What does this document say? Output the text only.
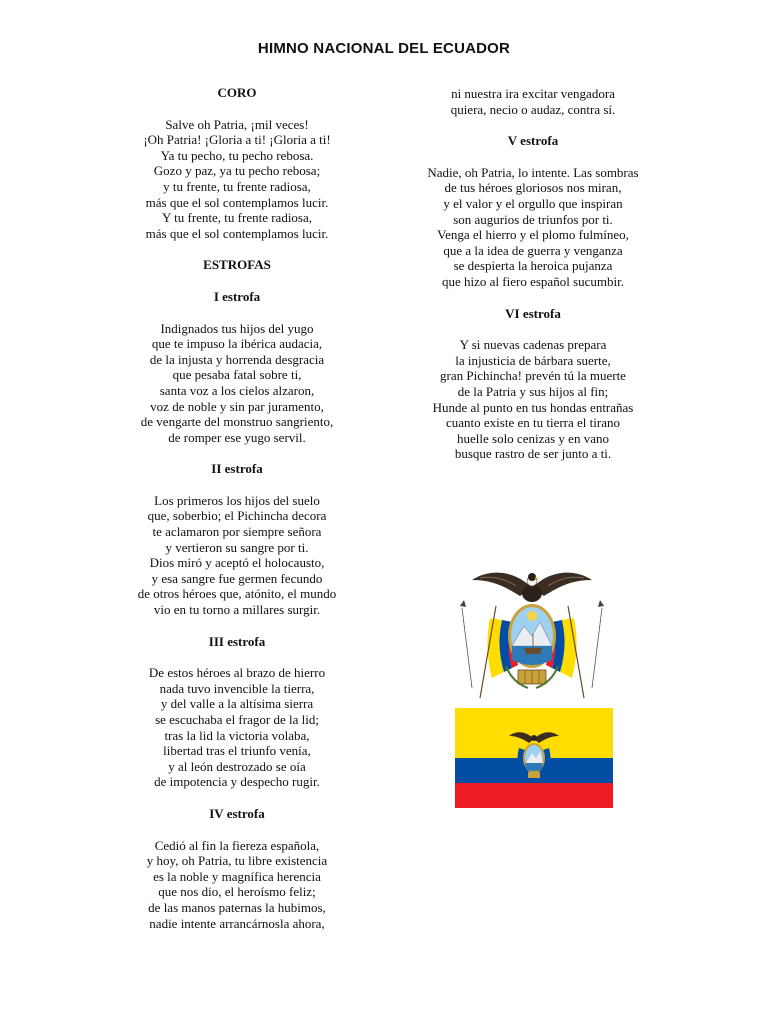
HIMNO NACIONAL DEL ECUADOR
CORO
Salve oh Patria, ¡mil veces!
¡Oh Patria! ¡Gloria a ti! ¡Gloria a ti!
Ya tu pecho, tu pecho rebosa.
Gozo y paz, ya tu pecho rebosa;
y tu frente, tu frente radiosa,
más que el sol contemplamos lucir.
Y tu frente, tu frente radiosa,
más que el sol contemplamos lucir.
ESTROFAS
I estrofa
Indignados tus hijos del yugo
que te impuso la ibérica audacia,
de la injusta y horrenda desgracia
que pesaba fatal sobre ti,
santa voz a los cielos alzaron,
voz de noble y sin par juramento,
de vengarte del monstruo sangriento,
de romper ese yugo servil.
II estrofa
Los primeros los hijos del suelo
que, soberbio; el Pichincha decora
te aclamaron por siempre señora
y vertieron su sangre por ti.
Dios miró y aceptó el holocausto,
y esa sangre fue germen fecundo
de otros héroes que, atónito, el mundo
vio en tu torno a millares surgir.
III estrofa
De estos héroes al brazo de hierro
nada tuvo invencible la tierra,
y del valle a la altísima sierra
se escuchaba el fragor de la lid;
tras la lid la victoria volaba,
libertad tras el triunfo venía,
y al león destrozado se oía
de impotencia y despecho rugir.
IV estrofa
Cedió al fin la fiereza española,
y hoy, oh Patria, tu libre existencia
es la noble y magnífica herencia
que nos dio, el heroísmo feliz;
de las manos paternas la hubimos,
nadie intente arrancárnosla ahora,
ni nuestra ira excitar vengadora
quiera, necio o audaz, contra sí.
V estrofa
Nadie, oh Patria, lo intente. Las sombras
de tus héroes gloriosos nos miran,
y el valor y el orgullo que inspiran
son augurios de triunfos por ti.
Venga el hierro y el plomo fulmíneo,
que a la idea de guerra y venganza
se despierta la heroica pujanza
que hizo al fiero español sucumbir.
VI estrofa
Y si nuevas cadenas prepara
la injusticia de bárbara suerte,
gran Pichincha! prevén tú la muerte
de la Patria y sus hijos al fin;
Hunde al punto en tus hondas entrañas
cuanto existe en tu tierra el tirano
huelle solo cenizas y en vano
busque rastro de ser junto a ti.
